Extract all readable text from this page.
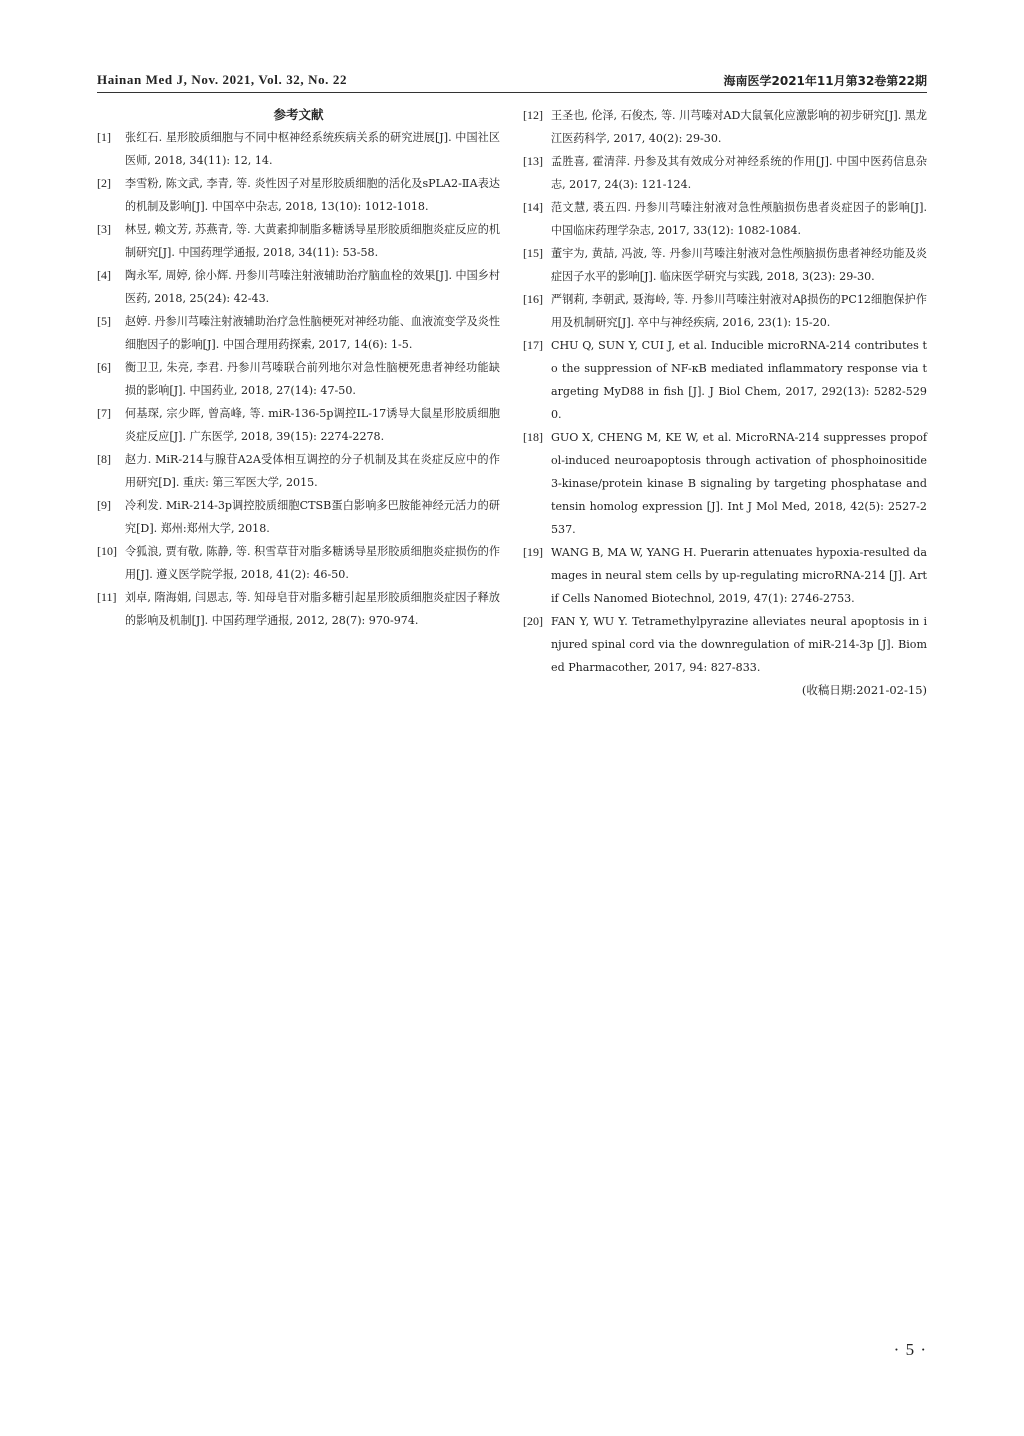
Hainan Med J, Nov. 2021, Vol. 32, No. 22	海南医学2021年11月第32卷第22期
参考文献
[1]	张红石. 星形胶质细胞与不同中枢神经系统疾病关系的研究进展[J]. 中国社区医师, 2018, 34(11): 12, 14.
[2]	李雪粉, 陈文武, 李青, 等. 炎性因子对星形胶质细胞的活化及sPLA2-ⅡA表达的机制及影响[J]. 中国卒中杂志, 2018, 13(10): 1012-1018.
[3]	林昱, 赖文芳, 苏燕青, 等. 大黄素抑制脂多糖诱导星形胶质细胞炎症反应的机制研究[J]. 中国药理学通报, 2018, 34(11): 53-58.
[4]	陶永军, 周婷, 徐小辉. 丹参川芎嗪注射液辅助治疗脑血栓的效果[J]. 中国乡村医药, 2018, 25(24): 42-43.
[5]	赵婷. 丹参川芎嗪注射液辅助治疗急性脑梗死对神经功能、血液流变学及炎性细胞因子的影响[J]. 中国合理用药探索, 2017, 14(6): 1-5.
[6]	衡卫卫, 朱亮, 李君. 丹参川芎嗪联合前列地尔对急性脑梗死患者神经功能缺损的影响[J]. 中国药业, 2018, 27(14): 47-50.
[7]	何基琛, 宗少晖, 曾高峰, 等. miR-136-5p调控IL-17诱导大鼠星形胶质细胞炎症反应[J]. 广东医学, 2018, 39(15): 2274-2278.
[8]	赵力. MiR-214与腺苷A2A受体相互调控的分子机制及其在炎症反应中的作用研究[D]. 重庆: 第三军医大学, 2015.
[9]	冷利发. MiR-214-3p调控胶质细胞CTSB蛋白影响多巴胺能神经元活力的研究[D]. 郑州:郑州大学, 2018.
[10] 令狐浪, 贾有敬, 陈静, 等. 积雪草苷对脂多糖诱导星形胶质细胞炎症损伤的作用[J]. 遵义医学院学报, 2018, 41(2): 46-50.
[11] 刘卓, 隋海娟, 闫恩志, 等. 知母皂苷对脂多糖引起星形胶质细胞炎症因子释放的影响及机制[J]. 中国药理学通报, 2012, 28(7): 970-974.
[12] 王圣也, 伦泽, 石俊杰, 等. 川芎嗪对AD大鼠氧化应激影响的初步研究[J]. 黑龙江医药科学, 2017, 40(2): 29-30.
[13] 孟胜喜, 霍清萍. 丹参及其有效成分对神经系统的作用[J]. 中国中医药信息杂志, 2017, 24(3): 121-124.
[14] 范文慧, 裘五四. 丹参川芎嗪注射液对急性颅脑损伤患者炎症因子的影响[J]. 中国临床药理学杂志, 2017, 33(12): 1082-1084.
[15] 董宇为, 黄喆, 冯波, 等. 丹参川芎嗪注射液对急性颅脑损伤患者神经功能及炎症因子水平的影响[J]. 临床医学研究与实践, 2018, 3(23): 29-30.
[16] 严钢莉, 李朝武, 聂海岭, 等. 丹参川芎嗪注射液对Aβ损伤的PC12细胞保护作用及机制研究[J]. 卒中与神经疾病, 2016, 23(1): 15-20.
[17] CHU Q, SUN Y, CUI J, et al. Inducible microRNA-214 contributes to the suppression of NF-κB mediated inflammatory response via targeting MyD88 in fish [J]. J Biol Chem, 2017, 292(13): 5282-5290.
[18] GUO X, CHENG M, KE W, et al. MicroRNA-214 suppresses propofol-induced neuroapoptosis through activation of phosphoinositide 3-kinase/protein kinase B signaling by targeting phosphatase and tensin homolog expression [J]. Int J Mol Med, 2018, 42(5): 2527-2537.
[19] WANG B, MA W, YANG H. Puerarin attenuates hypoxia-resulted damages in neural stem cells by up-regulating microRNA-214 [J]. Artif Cells Nanomed Biotechnol, 2019, 47(1): 2746-2753.
[20] FAN Y, WU Y. Tetramethylpyrazine alleviates neural apoptosis in injured spinal cord via the downregulation of miR-214-3p [J]. Biomed Pharmacother, 2017, 94: 827-833.
(收稿日期:2021-02-15)
· 5 ·
